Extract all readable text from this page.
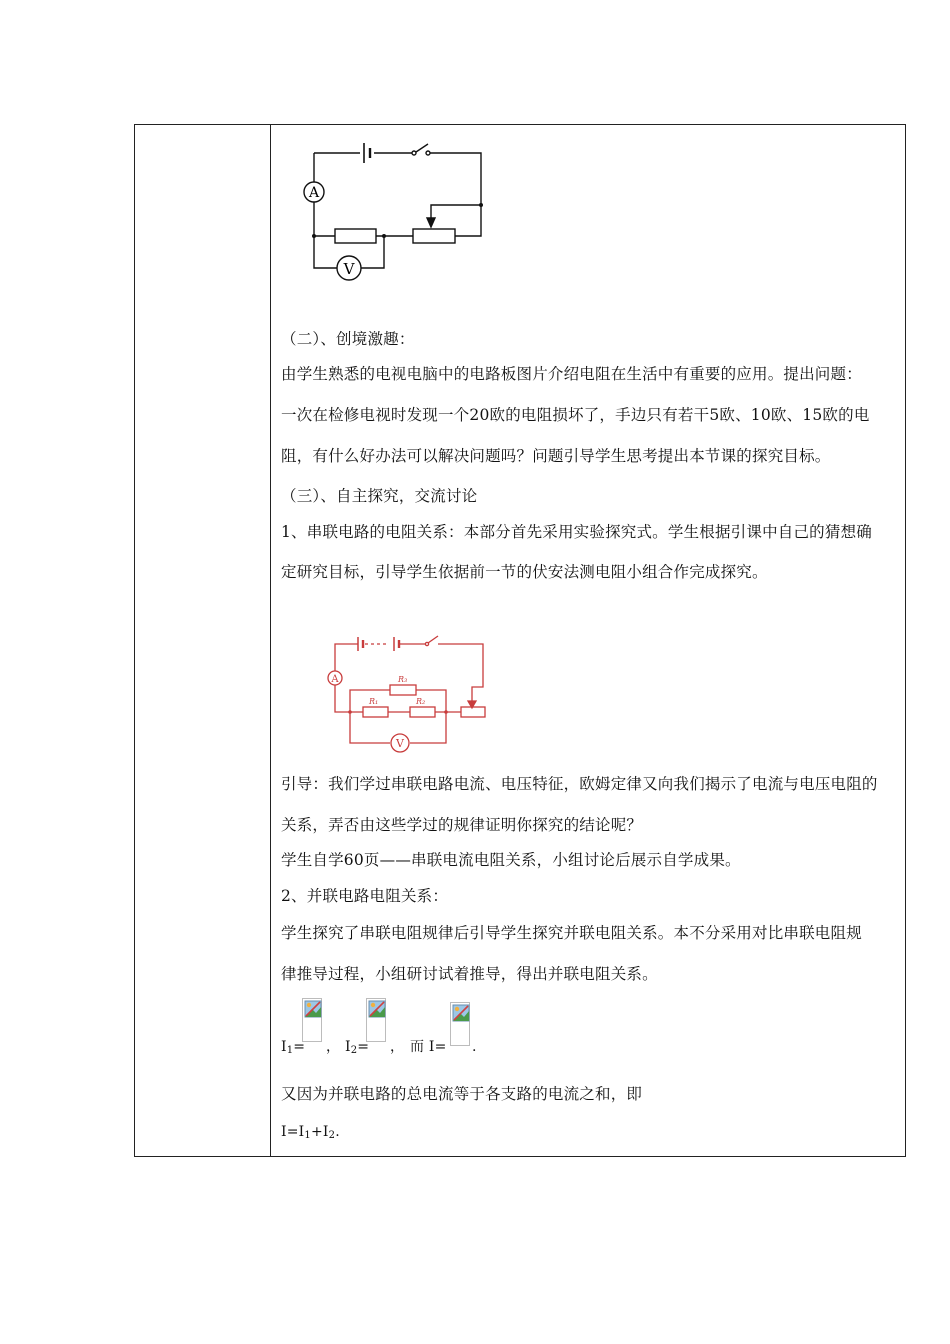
A
V
R₃
R₁	R₂
A
V
（二）、创境激趣：
由学生熟悉的电视电脑中的电路板图片介绍电阻在生活中有重要的应用。提出问题：
一次在检修电视时发现一个20欧的电阻损坏了，手边只有若干5欧、10欧、15欧的电
阻，有什么好办法可以解决问题吗？问题引导学生思考提出本节课的探究目标。
（三）、自主探究，交流讨论
1、串联电路的电阻关系：本部分首先采用实验探究式。学生根据引课中自己的猜想确
定研究目标，引导学生依据前一节的伏安法测电阻小组合作完成探究。
引导：我们学过串联电路电流、电压特征，欧姆定律又向我们揭示了电流与电压电阻的
关系，弄否由这些学过的规律证明你探究的结论呢？
学生自学60页——串联电流电阻关系，小组讨论后展示自学成果。
2、并联电路电阻关系：
学生探究了串联电阻规律后引导学生探究并联电阻关系。本不分采用对比串联电阻规
律推导过程，小组研讨试着推导，得出并联电阻关系。
又因为并联电路的总电流等于各支路的电流之和，即
$I_1=$ ， $I_2=$ ， 而 I= .
$I=I_1+I_2$.
